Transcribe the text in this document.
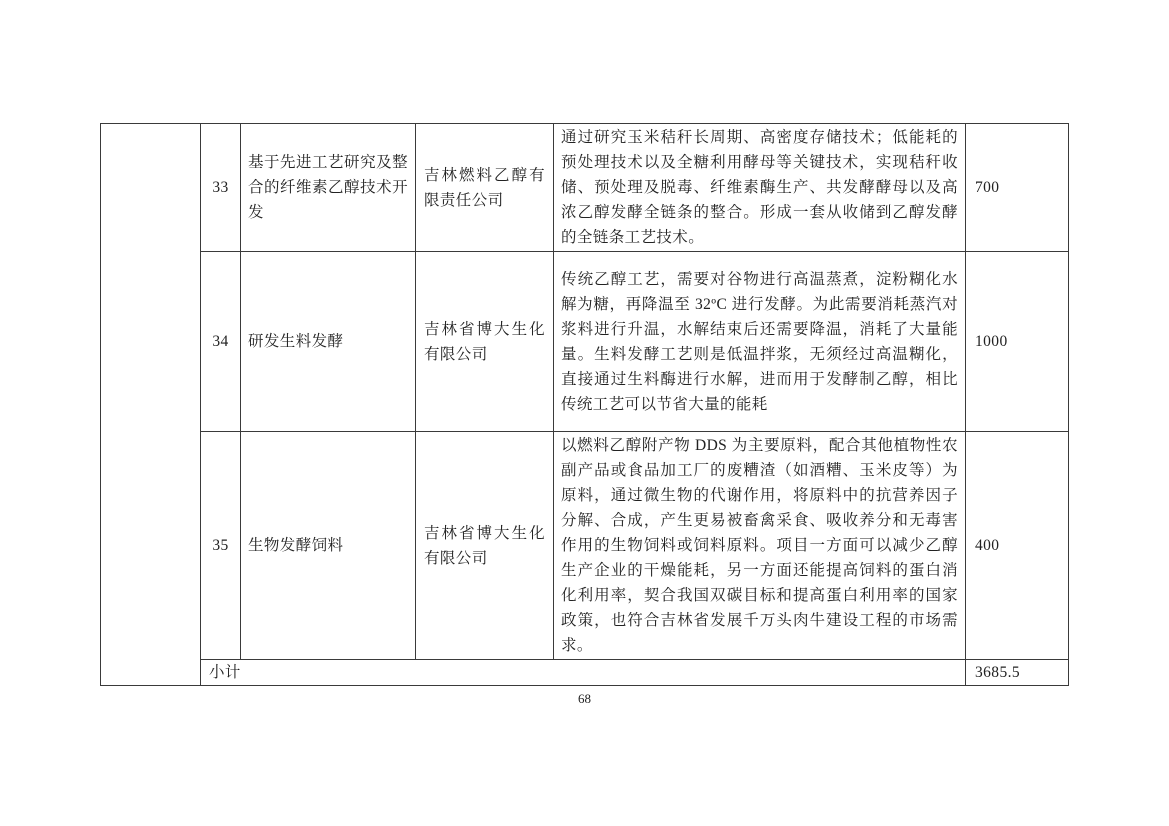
	33	基于先进工艺研究及整合的纤维素乙醇技术开发	吉林燃料乙醇有限责任公司	通过研究玉米秸秆长周期、高密度存储技术；低能耗的预处理技术以及全糖利用酵母等关键技术，实现秸秆收储、预处理及脱毒、纤维素酶生产、共发酵酵母以及高浓乙醇发酵全链条的整合。形成一套从收储到乙醇发酵的全链条工艺技术。	700
	34	研发生料发酵	吉林省博大生化有限公司	传统乙醇工艺，需要对谷物进行高温蒸煮，淀粉糊化水解为糖，再降温至 32ºC 进行发酵。为此需要消耗蒸汽对浆料进行升温，水解结束后还需要降温，消耗了大量能量。生料发酵工艺则是低温拌浆，无须经过高温糊化，直接通过生料酶进行水解，进而用于发酵制乙醇，相比传统工艺可以节省大量的能耗	1000
	35	生物发酵饲料	吉林省博大生化有限公司	以燃料乙醇附产物 DDS 为主要原料，配合其他植物性农副产品或食品加工厂的废糟渣（如酒糟、玉米皮等）为原料，通过微生物的代谢作用，将原料中的抗营养因子分解、合成，产生更易被畜禽采食、吸收养分和无毒害作用的生物饲料或饲料原料。项目一方面可以减少乙醇生产企业的干燥能耗，另一方面还能提高饲料的蛋白消化利用率，契合我国双碳目标和提高蛋白利用率的国家政策，也符合吉林省发展千万头肉牛建设工程的市场需求。	400
	小计				3685.5
68
